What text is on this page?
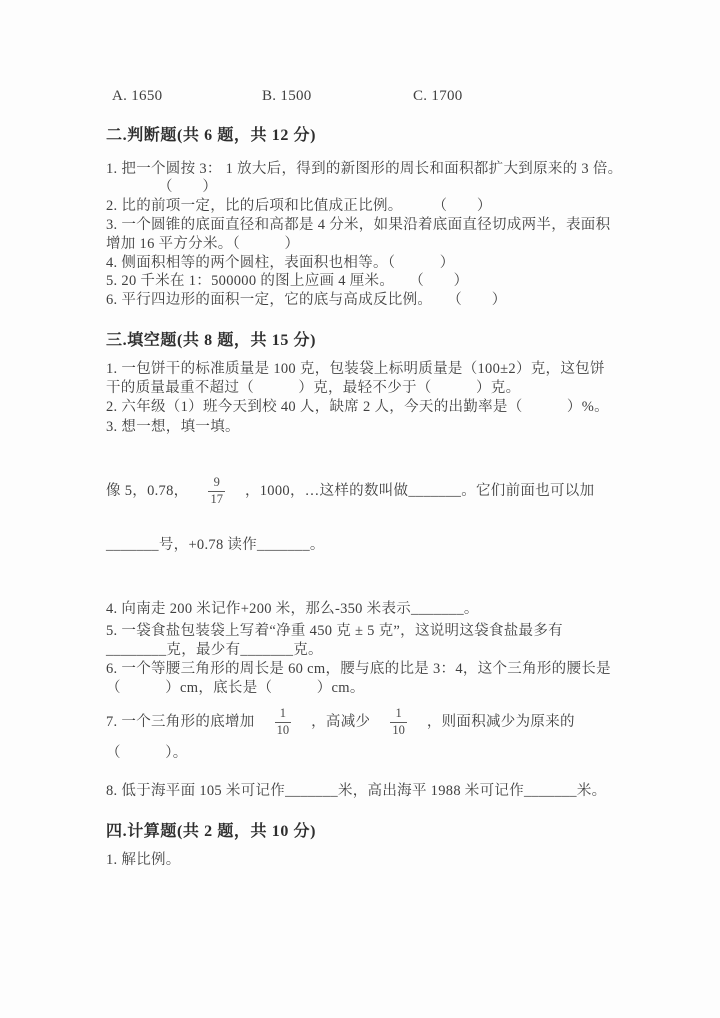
A. 1650	B. 1500	C. 1700
二.判断题(共 6 题，共 12 分)
1. 把一个圆按 3： 1 放大后，得到的新图形的周长和面积都扩大到原来的 3 倍。
（　　）
2. 比的前项一定，比的后项和比值成正比例。　　　（　　）
3. 一个圆锥的底面直径和高都是 4 分米，如果沿着底面直径切成两半，表面积
增加 16 平方分米。（　　　）
4. 侧面积相等的两个圆柱，表面积也相等。（　　　）
5. 20 千米在 1：500000 的图上应画 4 厘米。　　（　　）
6. 平行四边形的面积一定，它的底与高成反比例。　　（　　）
三.填空题(共 8 题，共 15 分)
1. 一包饼干的标准质量是 100 克，包装袋上标明质量是（100±2）克，这包饼
干的质量最重不超过（　　　）克，最轻不少于（　　　）克。
2. 六年级（1）班今天到校 40 人，缺席 2 人，今天的出勤率是（　　　）%。
3. 想一想，填一填。
像 5，0.78， $\frac{9}{17}$ ，1000，…这样的数叫做_______。它们前面也可以加
_______号，+0.78 读作_______。
4. 向南走 200 米记作+200 米，那么-350 米表示_______。
5. 一袋食盐包装袋上写着“净重 450 克 ± 5 克”，这说明这袋食盐最多有
________克，最少有_______克。
6. 一个等腰三角形的周长是 60 cm，腰与底的比是 3：4，这个三角形的腰长是
（　　　）cm，底长是（　　　）cm。
7. 一个三角形的底增加 $\frac{1}{10}$ ，高减少 $\frac{1}{10}$ ，则面积减少为原来的
（　　　）。
8. 低于海平面 105 米可记作_______米，高出海平 1988 米可记作_______米。
四.计算题(共 2 题，共 10 分)
1. 解比例。
